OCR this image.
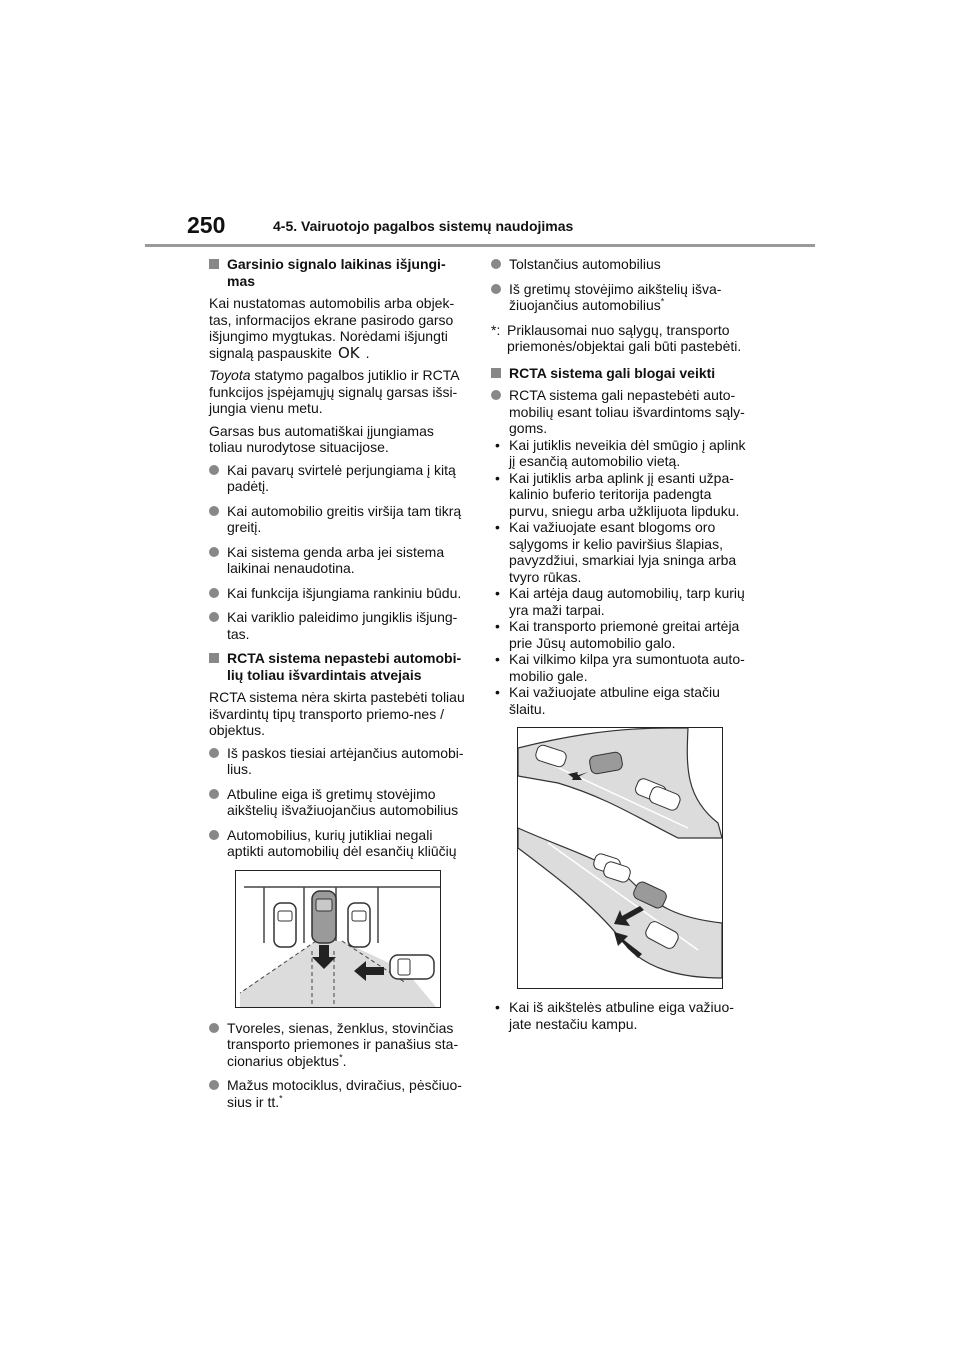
250	4-5. Vairuotojo pagalbos sistemų naudojimas
Garsinio signalo laikinas išjungi-mas
Kai nustatomas automobilis arba objek-tas, informacijos ekrane pasirodo garso išjungimo mygtukas. Norėdami išjungti signalą paspauskite OK .
Toyota statymo pagalbos jutiklio ir RCTA funkcijos įspėjamųjų signalų garsas išsi-jungia vienu metu.
Garsas bus automatiškai įjungiamas toliau nurodytose situacijose.
Kai pavarų svirtelė perjungiama į kitą padėtį.
Kai automobilio greitis viršija tam tikrą greitį.
Kai sistema genda arba jei sistema laikinai nenaudotina.
Kai funkcija išjungiama rankiniu būdu.
Kai variklio paleidimo jungiklis išjung-tas.
RCTA sistema nepastebi automobi-lių toliau išvardintais atvejais
RCTA sistema nėra skirta pastebėti toliau išvardintų tipų transporto priemo-nes / objektus.
Iš paskos tiesiai artėjančius automobi-lius.
Atbuline eiga iš gretimų stovėjimo aikštelių išvažiuojančius automobilius
Automobilius, kurių jutikliai negali aptikti automobilių dėl esančių kliūčių
Tvoreles, sienas, ženklus, stovinčias transporto priemones ir panašius sta-cionarius objektus*.
Mažus motociklus, dviračius, pėsčiuo-sius ir tt.*
Tolstančius automobilius
Iš gretimų stovėjimo aikštelių išva-žiuojančius automobilius*
*: Priklausomai nuo sąlygų, transporto priemonės/objektai gali būti pastebėti.
RCTA sistema gali blogai veikti
RCTA sistema gali nepastebėti auto-mobilių esant toliau išvardintoms sąly-goms.
• Kai jutiklis neveikia dėl smūgio į aplink jį esančią automobilio vietą.
• Kai jutiklis arba aplink jį esanti užpa-kalinio buferio teritorija padengta purvu, sniegu arba užklijuota lipduku.
• Kai važiuojate esant blogoms oro sąlygoms ir kelio paviršius šlapias, pavyzdžiui, smarkiai lyja sninga arba tvyro rūkas.
• Kai artėja daug automobilių, tarp kurių yra maži tarpai.
• Kai transporto priemonė greitai artėja prie Jūsų automobilio galo.
• Kai vilkimo kilpa yra sumontuota auto-mobilio gale.
• Kai važiuojate atbuline eiga stačiu šlaitu.
• Kai iš aikštelės atbuline eiga važiuo-jate nestačiu kampu.
